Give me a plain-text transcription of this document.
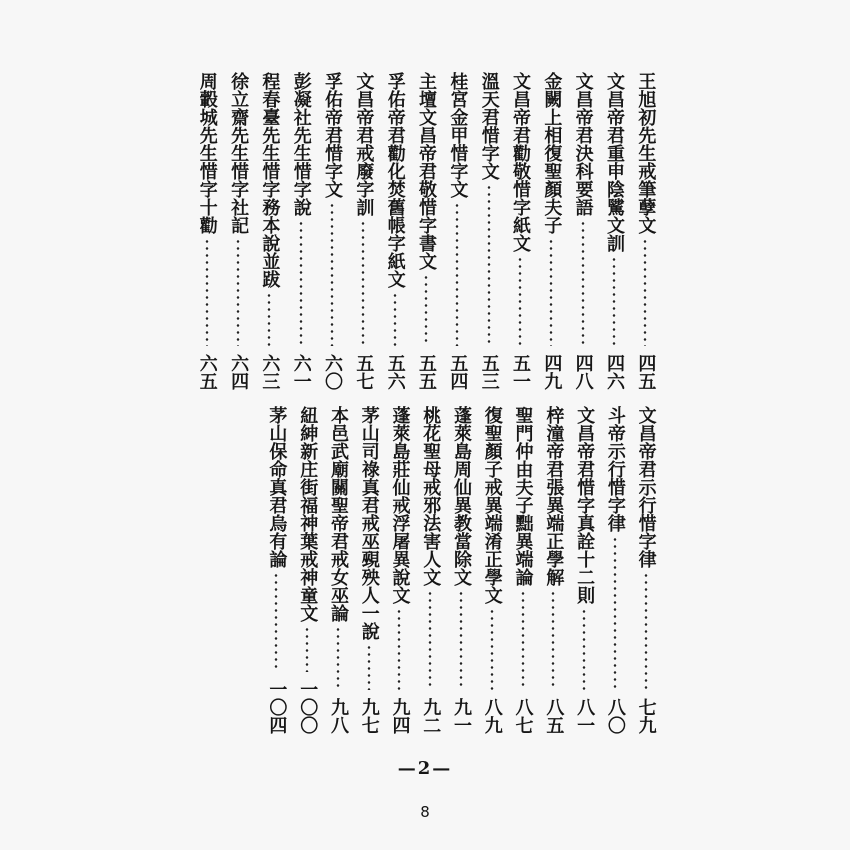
王旭初先生戒筆孽文
四五
文昌帝君重申陰騭文訓
四六
文昌帝君決科要語
四八
金闕上相復聖顏夫子
四九
文昌帝君勸敬惜字紙文
五一
溫天君惜字文
五三
桂宮金甲惜字文
五四
主壇文昌帝君敬惜字書文
五五
孚佑帝君勸化焚舊帳字紙文
五六
文昌帝君戒廢字訓
五七
孚佑帝君惜字文
六〇
彭凝社先生惜字說
六一
程春臺先生惜字務本說並跋
六三
徐立齋先生惜字社記
六四
周轂城先生惜字十勸
六五
文昌帝君示行惜字律
七九
斗帝示行惜字律
八〇
文昌帝君惜字真詮十二則
八一
梓潼帝君張異端正學解
八五
聖門仲由夫子黜異端論
八七
復聖顏子戒異端淆正學文
八九
蓬萊島周仙異教當除文
九一
桃花聖母戒邪法害人文
九二
蓬萊島莊仙戒浮屠異說文
九四
茅山司祿真君戒巫覡殃人一說
九七
本邑武廟關聖帝君戒女巫論
九八
紐紳新庄街福神葉戒神童文
一〇〇
茅山保命真君烏有論
一〇四
—2—
8
